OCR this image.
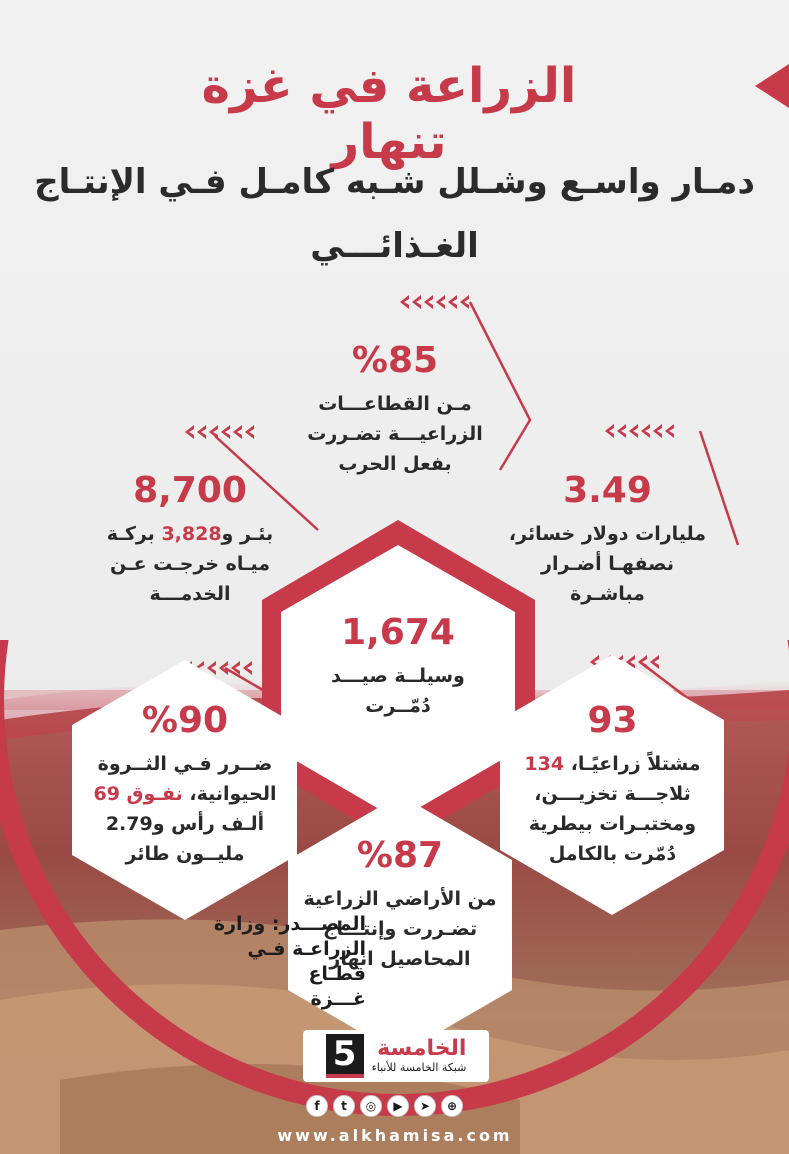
الزراعة في غزة تنهار
دمـار واسـع وشـلل شـبه كامـل فـي الإنتـاج
الغـذائـــي
%85
مـن القطاعـــات
الزراعيـــة تضـررت
بفعل الحرب
8,700
بئـر و3,828 بركـة
ميـاه خرجـت عـن
الخدمـــة
3.49
مليارات دولار خسائر،
نصفهـا أضـرار
مباشـرة
1,674
وسيلــة صيـــد
دُمّــرت
%90
ضــرر فـي الثــروة
الحيوانية، نفـوق 69
ألـف رأس و2.79
مليــون طائر
93
مشتلاً زراعيًـا، 134
ثلاجـــة تخزيـــن،
ومختبـرات بيطرية
دُمّرت بالكامل
%87
من الأراضي الزراعية
تضـررت وإنتـــاج
المحاصيل انهار
المصـــدر: وزارة
الزراعـة فـي قطـاع
غـــزة
5 الخامسة
شبكة الخامسة للأنباء
f	t	◎	▶	➤	⊕
www.alkhamisa.com
